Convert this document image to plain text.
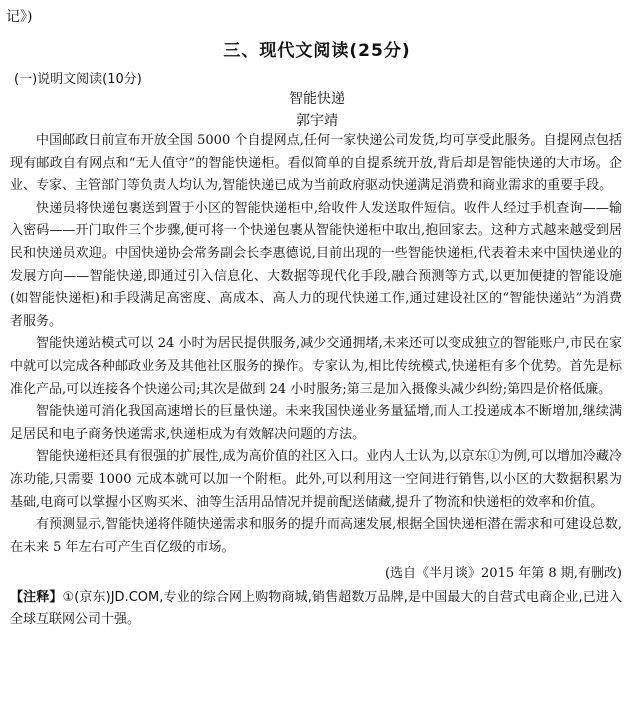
记》)
三、现代文阅读(25分)
(一)说明文阅读(10分)
智能快递
郭宇靖

中国邮政日前宣布开放全国 5000 个自提网点,任何一家快递公司发货,均可享受此服务。自提网点包括现有邮政自有网点和“无人值守”的智能快递柜。看似简单的自提系统开放,背后却是智能快递的大市场。企业、专家、主管部门等负责人均认为,智能快递已成为当前政府驱动快递满足消费和商业需求的重要手段。

快递员将快递包裹送到置于小区的智能快递柜中,给收件人发送取件短信。收件人经过手机查询——输入密码——开门取件三个步骤,便可将一个快递包裹从智能快递柜中取出,抱回家去。这种方式越来越受到居民和快递员欢迎。中国快递协会常务副会长李惠德说,目前出现的一些智能快递柜,代表着未来中国快递业的发展方向——智能快递,即通过引入信息化、大数据等现代化手段,融合预测等方式,以更加便捷的智能设施(如智能快递柜)和手段满足高密度、高成本、高人力的现代快递工作,通过建设社区的“智能快递站”为消费者服务。

智能快递站模式可以 24 小时为居民提供服务,减少交通拥堵,未来还可以变成独立的智能账户,市民在家中就可以完成各种邮政业务及其他社区服务的操作。专家认为,相比传统模式,快递柜有多个优势。首先是标准化产品,可以连接各个快递公司;其次是做到 24 小时服务;第三是加入摄像头减少纠纷;第四是价格低廉。

智能快递可消化我国高速增长的巨量快递。未来我国快递业务量猛增,而人工投递成本不断增加,继续满足居民和电子商务快递需求,快递柜成为有效解决问题的方法。

智能快递柜还具有很强的扩展性,成为高价值的社区入口。业内人士认为,以京东①为例,可以增加冷藏冷冻功能,只需要 1000 元成本就可以加一个附柜。此外,可以利用这一空间进行销售,以小区的大数据积累为基础,电商可以掌握小区购买米、油等生活用品情况并提前配送储藏,提升了物流和快递柜的效率和价值。

有预测显示,智能快递将伴随快递需求和服务的提升而高速发展,根据全国快递柜潜在需求和可建设总数,在未来 5 年左右可产生百亿级的市场。

(选自《半月谈》2015 年第 8 期,有删改)
【注释】①(京东)JD.COM,专业的综合网上购物商城,销售超数万品牌,是中国最大的自营式电商企业,已进入全球互联网公司十强。
